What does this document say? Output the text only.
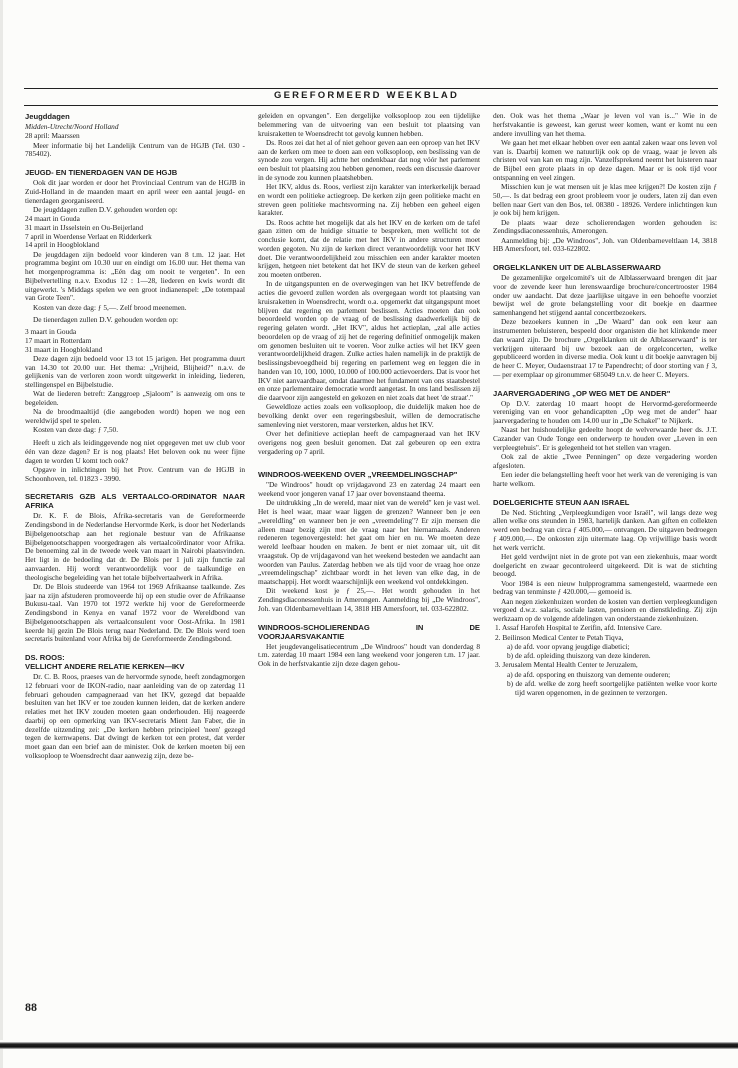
GEREFORMEERD WEEKBLAD
Jeugddagen

Midden-Utrecht/Noord Holland

28 april: Maarssen

Meer informatie bij het Landelijk Centrum van de HGJB (Tel. 030 - 785402).

JEUGD- EN TIENERDAGEN VAN DE HGJB

Ook dit jaar worden er door het Provinciaal Centrum van de HGJB in Zuid-Holland in de maanden maart en april weer een aantal jeugd- en tienerdagen georganiseerd.

De jeugddagen zullen D.V. gehouden worden op:

24 maart in Gouda
31 maart in IJsselstein en Ou-Beijerland
7 april in Woerdense Verlaat en Ridderkerk
14 april in Hoogblokland

De jeugddagen zijn bedoeld voor kinderen van 8 t.m. 12 jaar. Het programma begint om 10.30 uur en eindigt om 16.00 uur. Het thema van het morgenprogramma is: „Eén dag om nooit te vergeten". In een Bijbelvertelling n.a.v. Exodus 12 : 1—28, liederen en kwis wordt dit uitgewerkt. 's Middags spelen we een groot indianenspel: „De totempaal van Grote Teen".

Kosten van deze dag: ƒ 5,—. Zelf brood meenemen.

De tienerdagen zullen D.V. gehouden worden op:

3 maart in Gouda
17 maart in Rotterdam
31 maart in Hoogblokland

Deze dagen zijn bedoeld voor 13 tot 15 jarigen. Het programma duurt van 14.30 tot 20.00 uur. Het thema: „Vrijheid, Blijheid?" n.a.v. de gelijkenis van de verloren zoon wordt uitgewerkt in inleiding, liederen, stellingenspel en Bijbelstudie.

Wat de liederen betreft: Zanggroep „Sjaloom" is aanwezig om ons te begeleiden.

Na de broodmaaltijd (die aangeboden wordt) hopen we nog een wereldwijd spel te spelen.

Kosten van deze dag: ƒ 7,50.

Heeft u zich als leidinggevende nog niet opgegeven met uw club voor één van deze dagen? Er is nog plaats! Het beloven ook nu weer fijne dagen te worden U komt toch ook?

Opgave in inlichtingen bij het Prov. Centrum van de HGJB in Schoonhoven, tel. 01823 - 3990.

SECRETARIS GZB ALS VERTAALCO-ORDINATOR NAAR AFRIKA

Dr. K. F. de Blois, Afrika-secretaris van de Gereformeerde Zendingsbond in de Nederlandse Hervormde Kerk, is door het Nederlands Bijbelgenootschap aan het regionale bestuur van de Afrikaanse Bijbelgenootschappen voorgedragen als vertaalcoördinator voor Afrika. De benoeming zal in de tweede week van maart in Nairobi plaatsvinden. Het ligt in de bedoeling dat dr. De Blois per 1 juli zijn functie zal aanvaarden. Hij wordt verantwoordelijk voor de taalkundige en theologische begeleiding van het totale bijbelvertaalwerk in Afrika.

Dr. De Blois studeerde van 1964 tot 1969 Afrikaanse taalkunde. Zes jaar na zijn afstuderen promoveerde hij op een studie over de Afrikaanse Bukusu-taal. Van 1970 tot 1972 werkte hij voor de Gereformeerde Zendingsbond in Kenya en vanaf 1972 voor de Wereldbond van Bijbelgenootschappen als vertaalconsulent voor Oost-Afrika. In 1981 keerde hij gezin De Blois terug naar Nederland. Dr. De Blois werd toen secretaris buitenland voor Afrika bij de Gereformeerde Zendingsbond.

DS. ROOS:
VELLICHT ANDERE RELATIE KERKEN—IKV

Dr. C. B. Roos, praeses van de hervormde synode, heeft zondagmorgen 12 februari voor de IKON-radio, naar aanleiding van de op zaterdag 11 februari gehouden campagneraad van het IKV, gezegd dat bepaalde besluiten van het IKV er toe zouden kunnen leiden, dat de kerken andere relaties met het IKV zouden moeten gaan onderhouden. Hij reageerde daarbij op een opmerking van IKV-secretaris Mient Jan Faber, die in dezelfde uitzending zei: „De kerken hebben principieel 'neen' gezegd tegen de kernwapens. Dat dwingt de kerken tot een protest, dat verder moet gaan dan een brief aan de minister. Ook de kerken moeten bij een volksoploop te Woensdrecht daar aanwezig zijn, deze be-

geleiden en opvangen". Een dergelijke volksoploop zou een tijdelijke belemmering van de uitvoering van een besluit tot plaatsing van kruisraketten te Woensdrecht tot gevolg kunnen hebben.

Ds. Roos zei dat het al of niet gehoor geven aan een oproep van het IKV aan de kerken om mee te doen aan een volksoploop, een beslissing van de synode zou vergen. Hij achtte het ondenkbaar dat nog vóór het parlement een besluit tot plaatsing zou hebben genomen, reeds een discussie daarover in de synode zou kunnen plaatshebben.

Het IKV, aldus ds. Roos, verliest zijn karakter van interkerkelijk beraad en wordt een politieke actiegroep. De kerken zijn geen politieke macht en streven geen politieke machtsvorming na. Zij hebben een geheel eigen karakter.

Ds. Roos achtte het mogelijk dat als het IKV en de kerken om de tafel gaan zitten om de huidige situatie te bespreken, men wellicht tot de conclusie komt, dat de relatie met het IKV in andere structuren moet worden gegoten. Nu zijn de kerken direct verantwoordelijk voor het IKV doet. Die verantwoordelijkheid zou misschien een ander karakter moeten krijgen, hetgeen niet betekent dat het IKV de steun van de kerken geheel zou moeten ontberen.

In de uitgangspunten en de overwegingen van het IKV betreffende de acties die gevoerd zullen worden als overgegaan wordt tot plaatsing van kruisraketten in Woensdrecht, wordt o.a. opgemerkt dat uitgangspunt moet blijven dat regering en parlement beslissen. Acties moeten dan ook beoordeeld worden op de vraag of de beslissing daadwerkelijk bij de regering gelaten wordt. „Het IKV", aldus het actieplan, „zal alle acties beoordelen op de vraag of zij het de regering definitief onmogelijk maken om genomen besluiten uit te voeren. Voor zulke acties wil het IKV geen verantwoordelijkheid dragen. Zulke acties halen namelijk in de praktijk de beslissingsbevoegdheid bij regering en parlement weg en leggen die in handen van 10, 100, 1000, 10.000 of 100.000 actievoerders. Dat is voor het IKV niet aanvaardbaar, omdat daarmee het fundament van ons staatsbestel en onze parlementaire democratie wordt aangetast. In ons land beslissen zij die daarvoor zijn aangesteld en gekozen en niet zoals dat heet 'de straat'."

Geweldloze acties zoals een volksoploop, die duidelijk maken hoe de bevolking denkt over een regeringsbesluit, willen de democratische samenleving niet verstoren, maar versterken, aldus het IKV.

Over het definitieve actieplan heeft de campagneraad van het IKV overigens nog geen besluit genomen. Dat zal gebeuren op een extra vergadering op 7 april.

WINDROOS-WEEKEND OVER „VREEMDELINGSCHAP"

"De Windroos" houdt op vrijdagavond 23 en zaterdag 24 maart een weekend voor jongeren vanaf 17 jaar over bovenstaand theema.

De uitdrukking „In de wereld, maar niet van de wereld" ken je vast wel. Het is heel waar, maar waar liggen de grenzen? Wanneer ben je een „wereldling" en wanneer ben je een „vreemdeling"? Er zijn mensen die alleen maar bezig zijn met de vraag naar het hiernamaals. Anderen redeneren tegenovergesteld: het gaat om hier en nu. We moeten deze wereld leefbaar houden en maken. Je bent er niet zomaar uit, uit dit vraagstuk. Op de vrijdagavond van het weekend besteden we aandacht aan woorden van Paulus. Zaterdag hebben we als tijd voor de vraag hoe onze „vreemdelingschap" zichtbaar wordt in het leven van elke dag, in de maatschappij. Het wordt waarschijnlijk een weekend vol ontdekkingen.

Dit weekend kost je ƒ 25,—. Het wordt gehouden in het Zendingsdiaconessenhuis in Amerongen. Aanmelding bij „De Windroos", Joh. van Oldenbarneveltlaan 14, 3818 HB Amersfoort, tel. 033-622802.

WINDROOS-SCHOLIERENDAG IN DE VOORJAARSVAKANTIE

Het jeugdevangelisatiecentrum „De Windroos" houdt van donderdag 8 t.m. zaterdag 10 maart 1984 een lang weekend voor jongeren t.m. 17 jaar. Ook in de herfstvakantie zijn deze dagen gehou-

den. Ook was het thema „Waar je leven vol van is..." Wie in de herfstvakantie is geweest, kan gerust weer komen, want er komt nu een andere invulling van het thema.

We gaan het met elkaar hebben over een aantal zaken waar ons leven vol van is. Daarbij komen we natuurlijk ook op de vraag, waar je leven als christen vol van kan en mag zijn. Vanzelfsprekend neemt het luisteren naar de Bijbel een grote plaats in op deze dagen. Maar er is ook tijd voor ontspanning en veel zingen.

Misschien kun je wat mensen uit je klas mee krijgen?! De kosten zijn ƒ 50,—. Is dat bedrag een groot probleem voor je ouders, laten zij dan even bellen naar Gert van den Bos, tel. 08380 - 18926. Verdere inlichtingen kun je ook bij hem krijgen.

De plaats waar deze scholierendagen worden gehouden is: Zendingsdiaconessenhuis, Amerongen.

Aanmelding bij: „De Windroos", Joh. van Oldenbarneveltlaan 14, 3818 HB Amersfoort, tel. 033-622802.

ORGELKLANKEN UIT DE ALBLASSERWAARD

De gezamenlijke orgelcomité's uit de Alblasserwaard brengen dit jaar voor de zevende keer hun lerenswaardige brochure/concertrooster 1984 onder uw aandacht. Dat deze jaarlijkse uitgave in een behoefte voorziet bewijst wel de grote belangstelling voor dit boekje en daarmee samenhangend het stijgend aantal concertbezoekers.

Deze bezoekers kunnen in „De Waard" dan ook een keur aan instrumenten beluisteren, bespeeld door organisten die het klinkende meer dan waard zijn. De brochure „Orgelklanken uit de Alblasserwaard" is ter verkrijgen uiteraard bij uw bezoek aan de orgelconcerten, welke gepubliceerd worden in diverse media. Ook kunt u dit boekje aanvragen bij de heer C. Meyer, Oudaenstraat 17 te Papendrecht; of door storting van ƒ 3,— per exemplaar op gironummer 685049 t.n.v. de heer C. Meyers.

JAARVERGADERING „OP WEG MET DE ANDER"

Op D.V. zaterdag 10 maart hoopt de Hervormd-gereformeerde vereniging van en voor gehandicaptten „Op weg met de ander" haar jaarvergadering te houden om 14.00 uur in „De Schakel" te Nijkerk.

Naast het huishoudelijke gedeelte hoopt de welverwaarde heer ds. J.T. Cazander van Oude Tonge een onderwerp te houden over „Leven in een verpleegtehuis". Er is gelegenheid tot het stellen van vragen.

Ook zal de aktie „Twee Penningen" op deze vergadering worden afgesloten.

Een ieder die belangstelling heeft voor het werk van de vereniging is van harte welkom.

DOELGERICHTE STEUN AAN ISRAEL

De Ned. Stichting „Verpleegkundigen voor Israël", wil langs deze weg allen welke ons steunden in 1983, hartelijk danken. Aan giften en collekten werd een bedrag van circa ƒ 405.000,— ontvangen. De uitgaven bedroegen ƒ 409.000,—. De onkosten zijn uitermate laag. Op vrijwillige basis wordt het werk verricht.

Het geld verdwijnt niet in de grote pot van een ziekenhuis, maar wordt doelgericht en zwaar gecontroleerd uitgekeerd. Dit is wat de stichting beoogd.

Voor 1984 is een nieuw hulpprogramma samengesteld, waarmede een bedrag van tenminste ƒ 420.000,— gemoeid is.

Aan negen ziekenhuizen worden de kosten van dertien verpleegkundigen vergoed d.w.z. salaris, sociale lasten, pensioen en dienstkleding. Zij zijn werkzaam op de volgende afdelingen van onderstaande ziekenhuizen.

1. Assaf Harofeh Hospital te Zerifin, afd. Intensive Care.

2. Beilinson Medical Center te Petah Tiqva,

a) de afd. voor opvang jeugdige diabetici;

b) de afd. opleiding thuiszorg van deze kinderen.

3. Jerusalem Mental Health Center te Jeruzalem,

a) de afd. opsporing en thuiszorg van demente ouderen;

b) de afd. welke de zorg heeft soortgelijke patiënten welke voor korte tijd waren opgenomen, in de gezinnen te verzorgen.

88
